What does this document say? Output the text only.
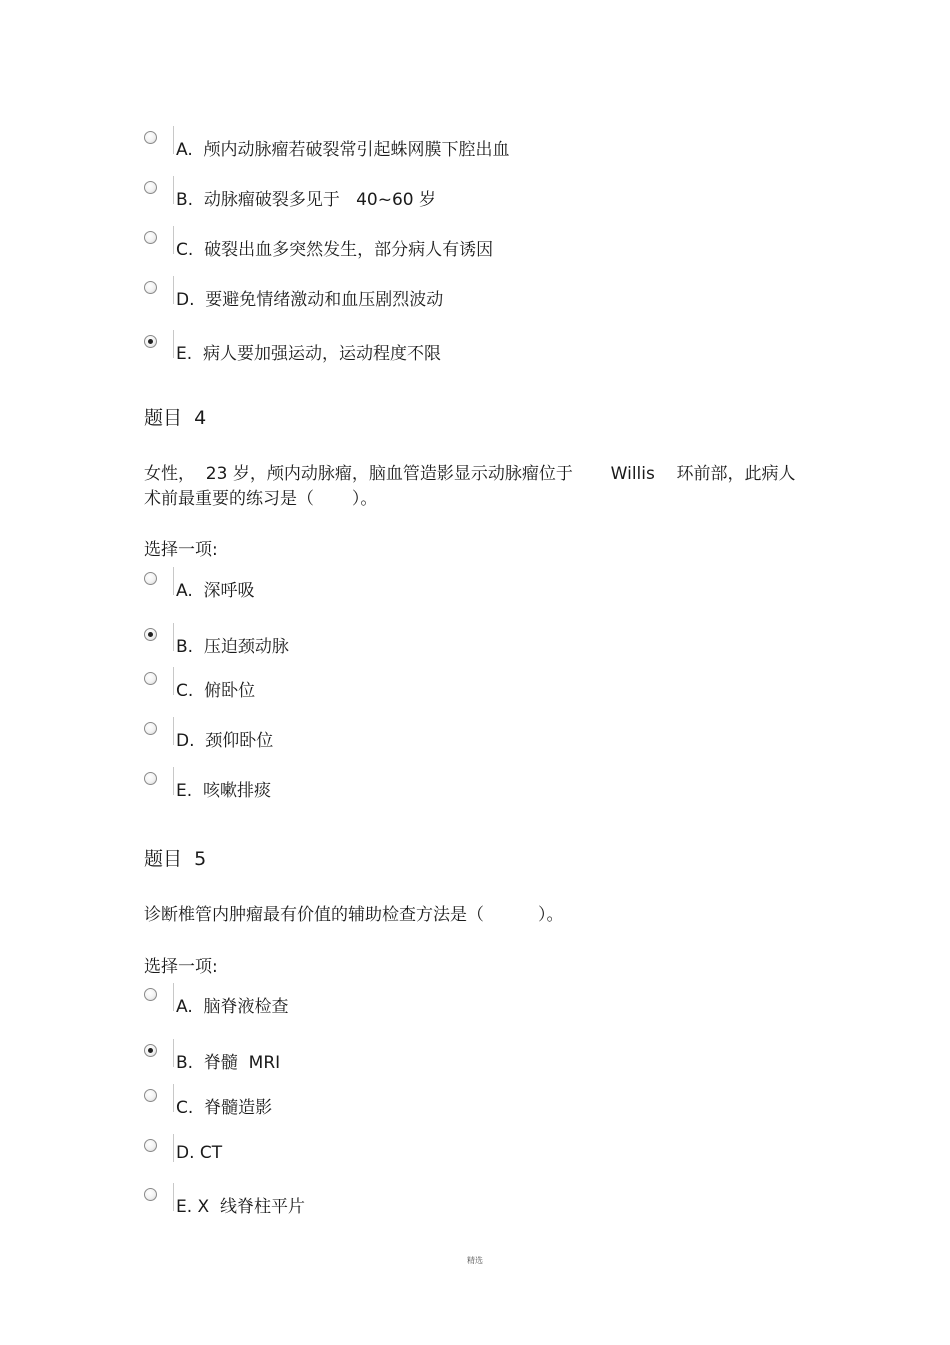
A.  颅内动脉瘤若破裂常引起蛛网膜下腔出血
B.  动脉瘤破裂多见于   40~60 岁
C.  破裂出血多突然发生，部分病人有诱因
D.  要避免情绪激动和血压剧烈波动
E.  病人要加强运动，运动程度不限
题目  4
女性，  23 岁，颅内动脉瘤，脑血管造影显示动脉瘤位于       Willis    环前部，此病人
术前最重要的练习是（       ）。
选择一项:
A.  深呼吸
B.  压迫颈动脉
C.  俯卧位
D.  颈仰卧位
E.  咳嗽排痰
题目  5
诊断椎管内肿瘤最有价值的辅助检查方法是（          ）。
选择一项:
A.  脑脊液检查
B.  脊髓  MRI
C.  脊髓造影
D. CT
E. X  线脊柱平片
精选
